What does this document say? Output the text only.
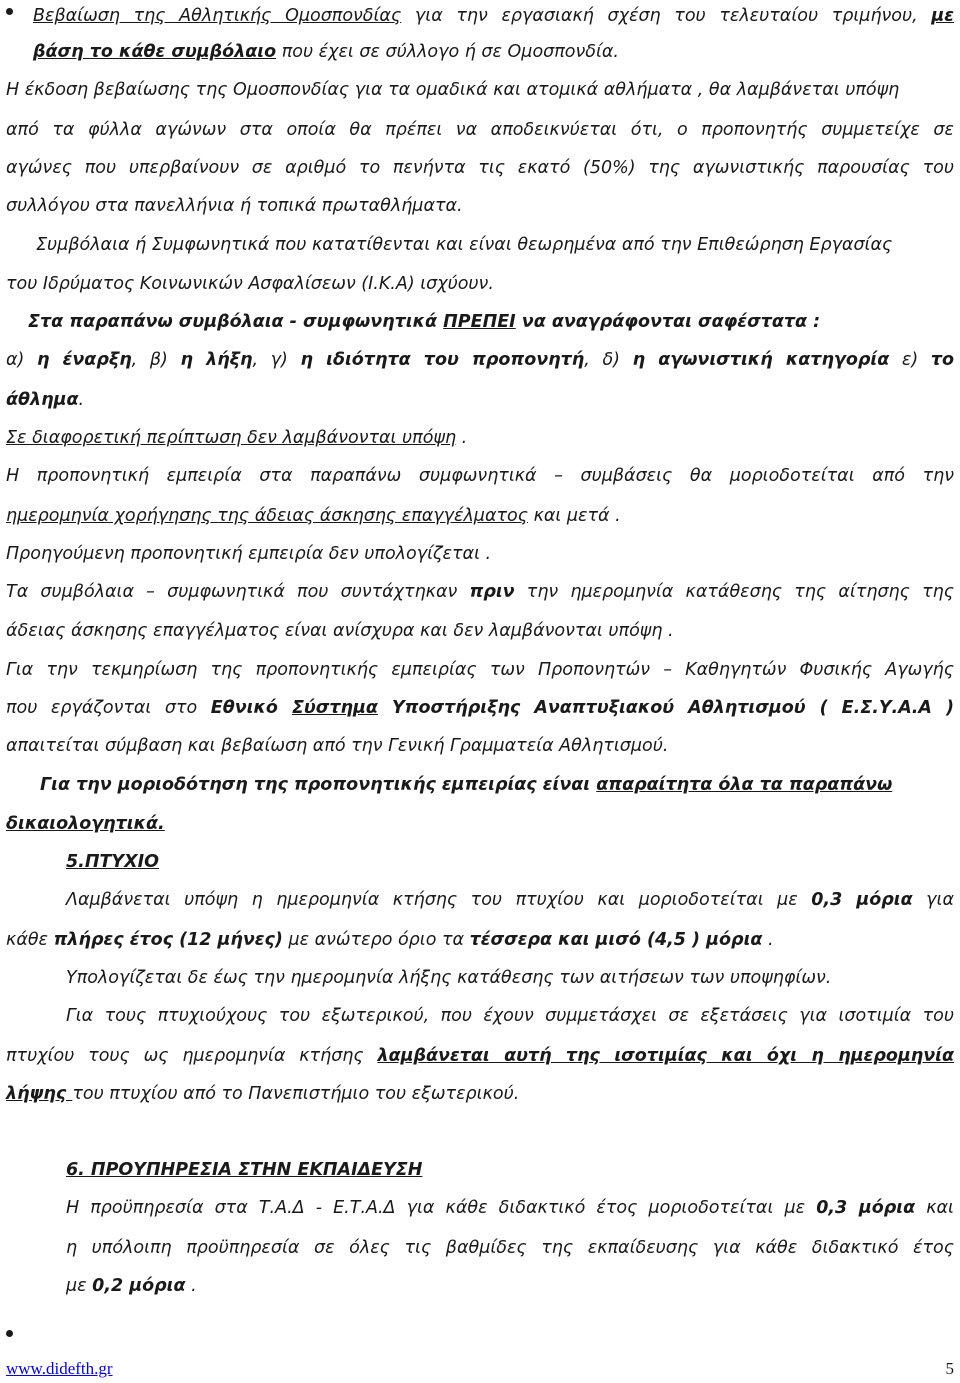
Βεβαίωση της Αθλητικής Ομοσπονδίας για την εργασιακή σχέση του τελευταίου τριμήνου, με
βάση το κάθε συμβόλαιο που έχει σε σύλλογο ή σε Ομοσπονδία.
Η έκδοση βεβαίωσης της Ομοσπονδίας για τα ομαδικά και ατομικά αθλήματα , θα λαμβάνεται υπόψη
από τα φύλλα αγώνων στα οποία θα πρέπει να αποδεικνύεται ότι, ο προπονητής συμμετείχε σε
αγώνες που υπερβαίνουν σε αριθμό το πενήντα τις εκατό (50%) της αγωνιστικής παρουσίας του
συλλόγου στα πανελλήνια ή τοπικά πρωταθλήματα.
Συμβόλαια ή Συμφωνητικά που κατατίθενται και είναι θεωρημένα από την Επιθεώρηση Εργασίας
του Ιδρύματος Κοινωνικών Ασφαλίσεων (Ι.Κ.Α) ισχύουν.
Στα παραπάνω συμβόλαια - συμφωνητικά ΠΡΕΠΕΙ να αναγράφονται σαφέστατα :
α) η έναρξη, β) η λήξη, γ) η ιδιότητα του προπονητή, δ) η αγωνιστική κατηγορία ε) το
άθλημα.
Σε διαφορετική περίπτωση δεν λαμβάνονται υπόψη .
Η προπονητική εμπειρία στα παραπάνω συμφωνητικά – συμβάσεις θα μοριοδοτείται από την
ημερομηνία χορήγησης της άδειας άσκησης επαγγέλματος και μετά .
Προηγούμενη προπονητική εμπειρία δεν υπολογίζεται .
Τα συμβόλαια – συμφωνητικά που συντάχτηκαν πριν την ημερομηνία κατάθεσης της αίτησης της
άδειας άσκησης επαγγέλματος είναι ανίσχυρα και δεν λαμβάνονται υπόψη .
Για την τεκμηρίωση της προπονητικής εμπειρίας των Προπονητών – Καθηγητών Φυσικής Αγωγής
που εργάζονται στο Εθνικό Σύστημα Υποστήριξης Αναπτυξιακού Αθλητισμού ( Ε.Σ.Υ.Α.Α )
απαιτείται σύμβαση και βεβαίωση από την Γενική Γραμματεία Αθλητισμού.
Για την μοριοδότηση της προπονητικής εμπειρίας είναι απαραίτητα όλα τα παραπάνω
δικαιολογητικά.
5.ΠΤΥΧΙΟ
Λαμβάνεται υπόψη η ημερομηνία κτήσης του πτυχίου και μοριοδοτείται με 0,3 μόρια για
κάθε πλήρες έτος (12 μήνες) με ανώτερο όριο τα τέσσερα και μισό (4,5 ) μόρια .
Υπολογίζεται δε έως την ημερομηνία λήξης κατάθεσης των αιτήσεων των υποψηφίων.
Για τους πτυχιούχους του εξωτερικού, που έχουν συμμετάσχει σε εξετάσεις για ισοτιμία του
πτυχίου τους ως ημερομηνία κτήσης λαμβάνεται αυτή της ισοτιμίας και όχι η ημερομηνία
λήψης του πτυχίου από το Πανεπιστήμιο του εξωτερικού.
6. ΠΡΟΥΠΗΡΕΣΙΑ ΣΤΗΝ ΕΚΠΑΙΔΕΥΣΗ
Η προϋπηρεσία στα Τ.Α.Δ - Ε.Τ.Α.Δ για κάθε διδακτικό έτος μοριοδοτείται με 0,3 μόρια και
η υπόλοιπη προϋπηρεσία σε όλες τις βαθμίδες της εκπαίδευσης για κάθε διδακτικό έτος
με 0,2 μόρια .
www.didefth.gr	5
